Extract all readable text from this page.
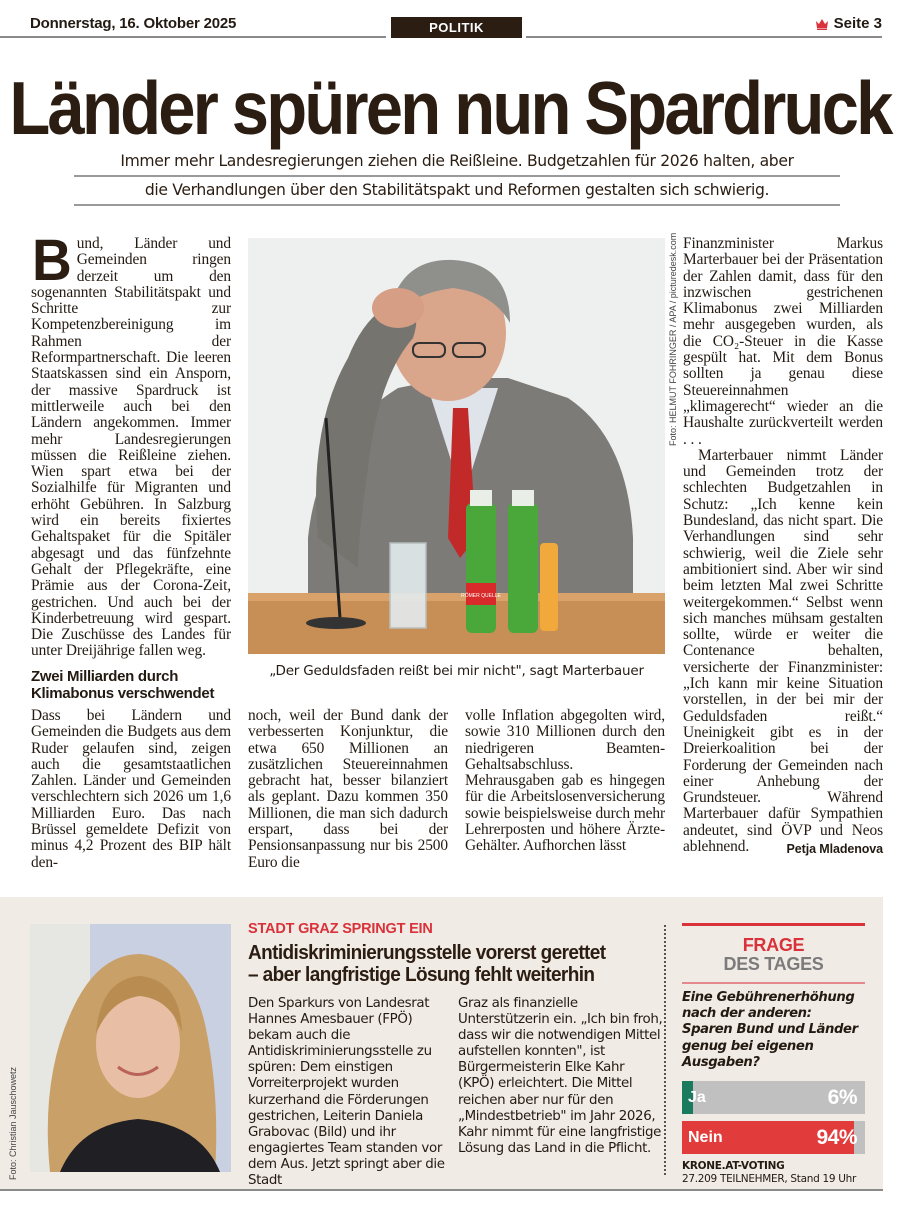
Donnerstag, 16. Oktober 2025	POLITIK	Seite 3
Länder spüren nun Spardruck
Immer mehr Landesregierungen ziehen die Reißleine. Budgetzahlen für 2026 halten, aber
die Verhandlungen über den Stabilitätspakt und Reformen gestalten sich schwierig.
B und, Länder und Gemeinden ringen derzeit um den sogenannten Stabilitätspakt und Schritte zur Kompetenzbereinigung im Rahmen der Reformpartnerschaft. Die leeren Staatskassen sind ein Ansporn, der massive Spardruck ist mittlerweile auch bei den Ländern angekommen. Immer mehr Landesregierungen müssen die Reißleine ziehen. Wien spart etwa bei der Sozialhilfe für Migranten und erhöht Gebühren. In Salzburg wird ein bereits fixiertes Gehaltspaket für die Spitäler abgesagt und das fünfzehnte Gehalt der Pflegekräfte, eine Prämie aus der Corona-Zeit, gestrichen. Und auch bei der Kinderbetreuung wird gespart. Die Zuschüsse des Landes für unter Dreijährige fallen weg.

Zwei Milliarden durch Klimabonus verschwendet

Dass bei Ländern und Gemeinden die Budgets aus dem Ruder gelaufen sind, zeigen auch die gesamtstaatlichen Zahlen. Länder und Gemeinden verschlechtern sich 2026 um 1,6 Milliarden Euro. Das nach Brüssel gemeldete Defizit von minus 4,2 Prozent des BIP hält den-

RÖMER QUELLE
Foto: HELMUT FOHRINGER / APA / picturedesk.com
„Der Geduldsfaden reißt bei mir nicht", sagt Marterbauer

noch, weil der Bund dank der verbesserten Konjunktur, die etwa 650 Millionen an zusätzlichen Steuereinnahmen gebracht hat, besser bilanziert als geplant. Dazu kommen 350 Millionen, die man sich dadurch erspart, dass bei der Pensionsanpassung nur bis 2500 Euro die

volle Inflation abgegolten wird, sowie 310 Millionen durch den niedrigeren Beamten-Gehaltsabschluss.

Mehrausgaben gab es hingegen für die Arbeitslosenversicherung sowie beispielsweise durch mehr Lehrerposten und höhere Ärzte-Gehälter. Aufhorchen lässt

Finanzminister Markus Marterbauer bei der Präsentation der Zahlen damit, dass für den inzwischen gestrichenen Klimabonus zwei Milliarden mehr ausgegeben wurden, als die CO₂-Steuer in die Kasse gespült hat. Mit dem Bonus sollten ja genau diese Steuereinnahmen „klimagerecht“ wieder an die Haushalte zurückverteilt werden . . .

Marterbauer nimmt Länder und Gemeinden trotz der schlechten Budgetzahlen in Schutz: „Ich kenne kein Bundesland, das nicht spart. Die Verhandlungen sind sehr schwierig, weil die Ziele sehr ambitioniert sind. Aber wir sind beim letzten Mal zwei Schritte weitergekommen.“ Selbst wenn sich manches mühsam gestalten sollte, würde er weiter die Contenance behalten, versicherte der Finanzminister: „Ich kann mir keine Situation vorstellen, in der bei mir der Geduldsfaden reißt.“ Uneinigkeit gibt es in der Dreierkoalition bei der Forderung der Gemeinden nach einer Anhebung der Grundsteuer. Während Marterbauer dafür Sympathien andeutet, sind ÖVP und Neos ablehnend.	Petja Mladenova

Foto: Christian Jauschowetz
STADT GRAZ SPRINGT EIN
Antidiskriminierungsstelle vorerst gerettet
– aber langfristige Lösung fehlt weiterhin
Den Sparkurs von Landesrat Hannes Amesbauer (FPÖ) bekam auch die Antidiskriminierungsstelle zu spüren: Dem einstigen Vorreiterprojekt wurden kurzerhand die Förderungen gestrichen, Leiterin Daniela Grabovac (Bild) und ihr engagiertes Team standen vor dem Aus. Jetzt springt aber die Stadt
Graz als finanzielle Unterstützerin ein. „Ich bin froh, dass wir die notwendigen Mittel aufstellen konnten", ist Bürgermeisterin Elke Kahr (KPÖ) erleichtert. Die Mittel reichen aber nur für den „Mindestbetrieb" im Jahr 2026, Kahr nimmt für eine langfristige Lösung das Land in die Pflicht.
FRAGE
DES TAGES
Eine Gebührenerhöhung nach der anderen: Sparen Bund und Länder genug bei eigenen Ausgaben?
Ja	6%
Nein	94%
KRONE.AT-VOTING
27.209 TEILNEHMER, Stand 19 Uhr
